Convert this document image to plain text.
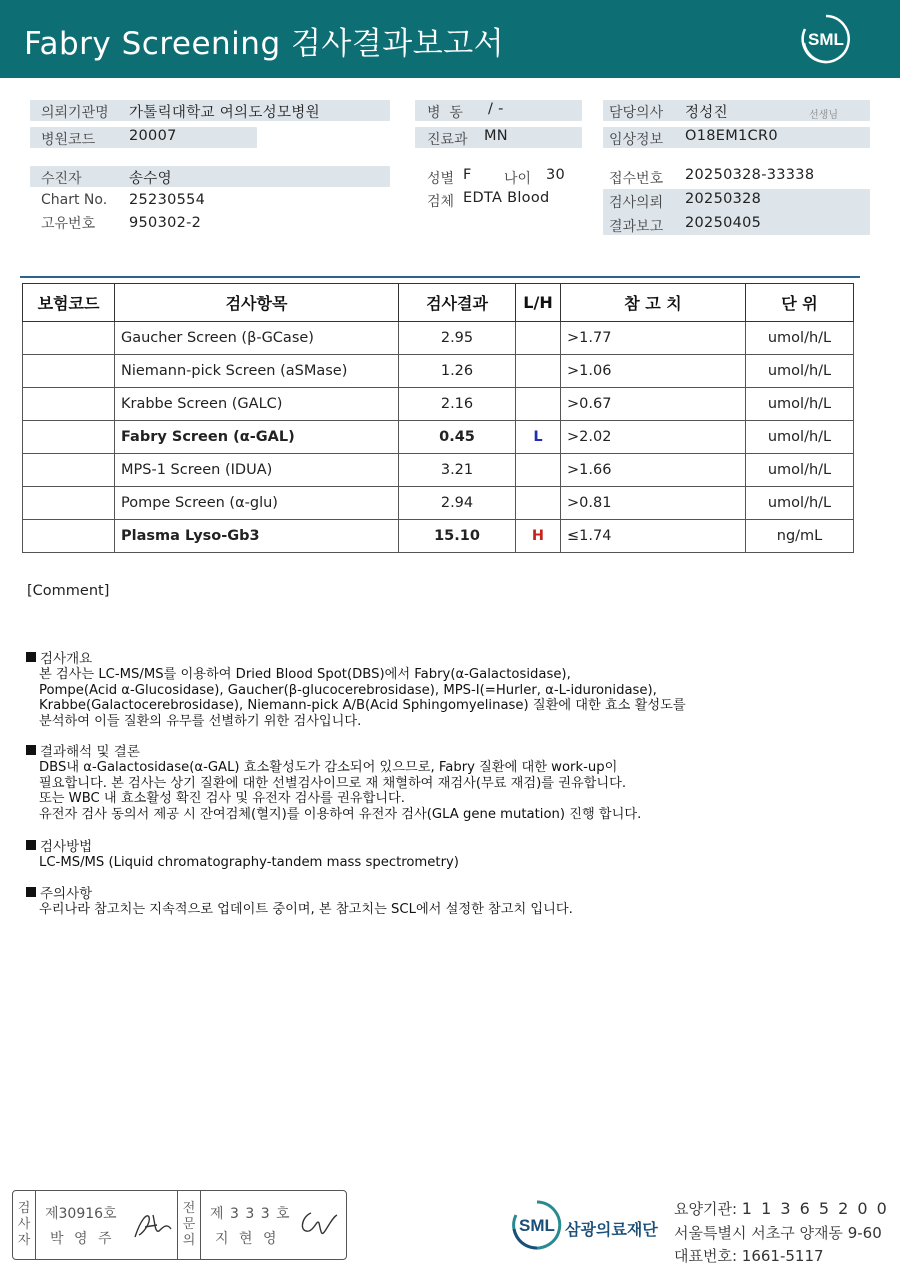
Fabry Screening 검사결과보고서	SML
의뢰기관명 가톨릭대학교 여의도성모병원
병원코드 20007
병  동 / -
진료과 MN
담당의사 정성진	선생님
임상정보 O18EM1CR0
수진자	송수영
Chart No. 25230554
고유번호 950302-2
성별 F 나이 30
검체 EDTA Blood
접수번호 20250328-33338
검사의뢰 20250328
결과보고 20250405
보험코드	검사항목	검사결과	L/H	참 고 치	단 위
	Gaucher Screen (β-GCase)	2.95		>1.77	umol/h/L
	Niemann-pick Screen (aSMase)	1.26		>1.06	umol/h/L
	Krabbe Screen (GALC)	2.16		>0.67	umol/h/L
	Fabry Screen (α-GAL)	0.45	L	>2.02	umol/h/L
	MPS-1 Screen (IDUA)	3.21		>1.66	umol/h/L
	Pompe Screen (α-glu)	2.94		>0.81	umol/h/L
	Plasma Lyso-Gb3	15.10	H	≤1.74	ng/mL
[Comment]
검사개요
본 검사는 LC-MS/MS를 이용하여 Dried Blood Spot(DBS)에서 Fabry(α-Galactosidase),
Pompe(Acid α-Glucosidase), Gaucher(β-glucocerebrosidase), MPS-I(=Hurler, α-L-iduronidase),
Krabbe(Galactocerebrosidase), Niemann-pick A/B(Acid Sphingomyelinase) 질환에 대한 효소 활성도를
분석하여 이들 질환의 유무를 선별하기 위한 검사입니다.
결과해석 및 결론
DBS내 α-Galactosidase(α-GAL) 효소활성도가 감소되어 있으므로, Fabry 질환에 대한 work-up이
필요합니다. 본 검사는 상기 질환에 대한 선별검사이므로 재 채혈하여 재검사(무료 재검)를 권유합니다.
또는 WBC 내 효소활성 확진 검사 및 유전자 검사를 권유합니다.
유전자 검사 동의서 제공 시 잔여검체(혈지)를 이용하여 유전자 검사(GLA gene mutation) 진행 합니다.
검사방법
LC-MS/MS (Liquid chromatography-tandem mass spectrometry)
주의사항
우리나라 참고치는 지속적으로 업데이트 중이며, 본 참고치는 SCL에서 설정한 참고치 입니다.
검
사
자
제30916호
박 영 주
전
문
의
제 3 3 3 호
지 현 영
SML 삼광의료재단
요양기관: 1 1 3 6 5 2 0 0
서울특별시 서초구 양재동 9-60
대표번호: 1661-5117
